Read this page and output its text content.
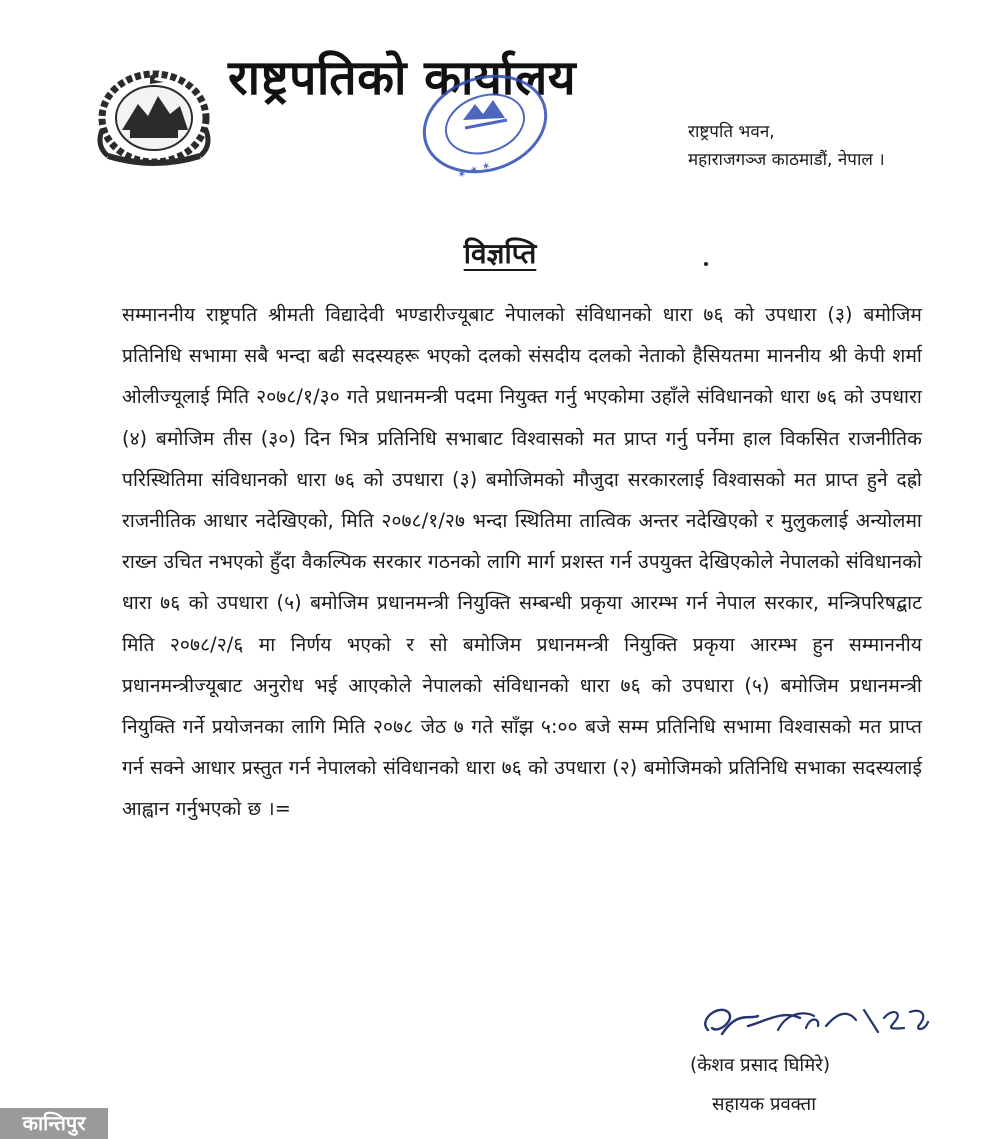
राष्ट्रपतिको कार्यालय
✶ ✶ ✶
राष्ट्रपति भवन,
महाराजगञ्ज काठमाडौं, नेपाल ।
विज्ञप्ति
सम्माननीय राष्ट्रपति श्रीमती विद्यादेवी भण्डारीज्यूबाट नेपालको संविधानको धारा ७६ को उपधारा (३) बमोजिम प्रतिनिधि सभामा सबै भन्दा बढी सदस्यहरू भएको दलको संसदीय दलको नेताको हैसियतमा माननीय श्री केपी शर्मा ओलीज्यूलाई मिति २०७८/१/३० गते प्रधानमन्त्री पदमा नियुक्त गर्नु भएकोमा उहाँले संविधानको धारा ७६ को उपधारा (४) बमोजिम तीस (३०) दिन भित्र प्रतिनिधि सभाबाट विश्वासको मत प्राप्त गर्नु पर्नेमा हाल विकसित राजनीतिक परिस्थितिमा संविधानको धारा ७६ को उपधारा (३) बमोजिमको मौजुदा सरकारलाई विश्वासको मत प्राप्त हुने दह्रो राजनीतिक आधार नदेखिएको, मिति २०७८/१/२७ भन्दा स्थितिमा तात्विक अन्तर नदेखिएको र मुलुकलाई अन्योलमा राख्न उचित नभएको हुँदा वैकल्पिक सरकार गठनको लागि मार्ग प्रशस्त गर्न उपयुक्त देखिएकोले नेपालको संविधानको धारा ७६ को उपधारा (५) बमोजिम प्रधानमन्त्री नियुक्ति सम्बन्धी प्रकृया आरम्भ गर्न नेपाल सरकार, मन्त्रिपरिषद्बाट मिति २०७८/२/६ मा निर्णय भएको र सो बमोजिम प्रधानमन्त्री नियुक्ति प्रकृया आरम्भ हुन सम्माननीय प्रधानमन्त्रीज्यूबाट अनुरोध भई आएकोले नेपालको संविधानको धारा ७६ को उपधारा (५) बमोजिम प्रधानमन्त्री नियुक्ति गर्ने प्रयोजनका लागि मिति २०७८ जेठ ७ गते साँझ ५:०० बजे सम्म प्रतिनिधि सभामा विश्वासको मत प्राप्त गर्न सक्ने आधार प्रस्तुत गर्न नेपालको संविधानको धारा ७६ को उपधारा (२) बमोजिमको प्रतिनिधि सभाका सदस्यलाई आह्वान गर्नुभएको छ ।=
(केशव प्रसाद घिमिरे)
सहायक प्रवक्ता
कान्तिपुर
